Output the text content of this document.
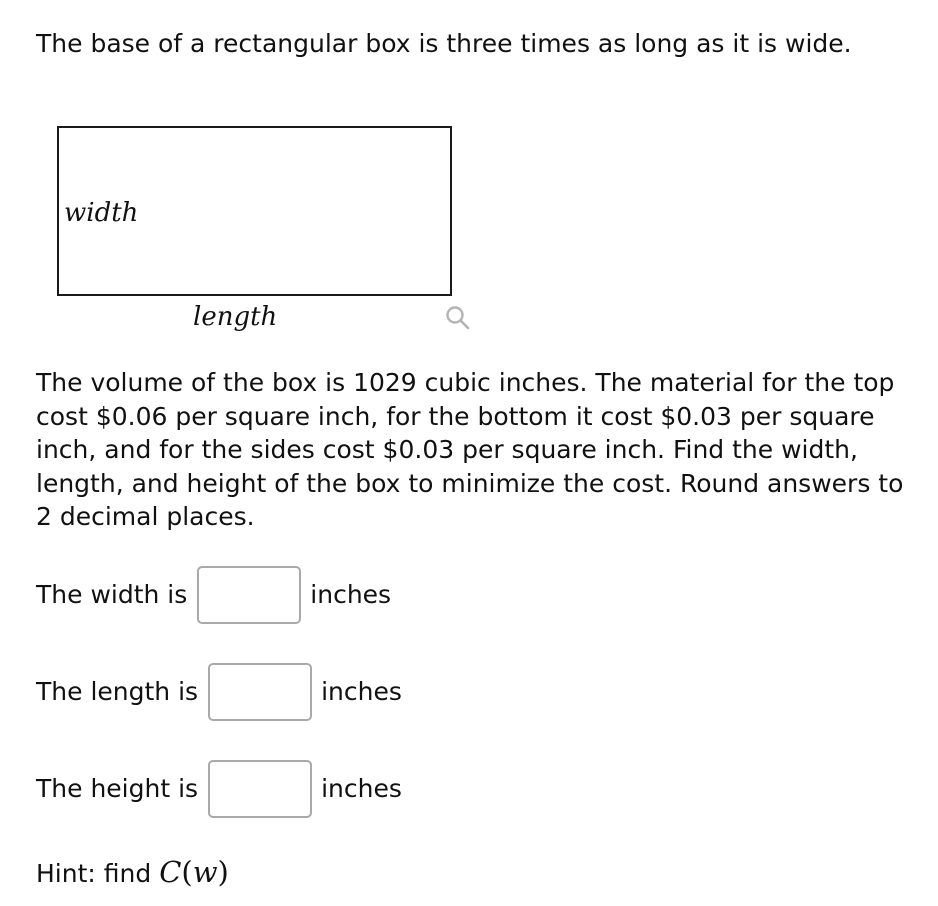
The base of a rectangular box is three times as long as it is wide.

width
length

The volume of the box is 1029 cubic inches. The material for the top cost $0.06 per square inch, for the bottom it cost $0.03 per square inch, and for the sides cost $0.03 per square inch. Find the width, length, and height of the box to minimize the cost. Round answers to 2 decimal places.

The width is	inches
The length is	inches
The height is	inches
Hint: find C(w)
